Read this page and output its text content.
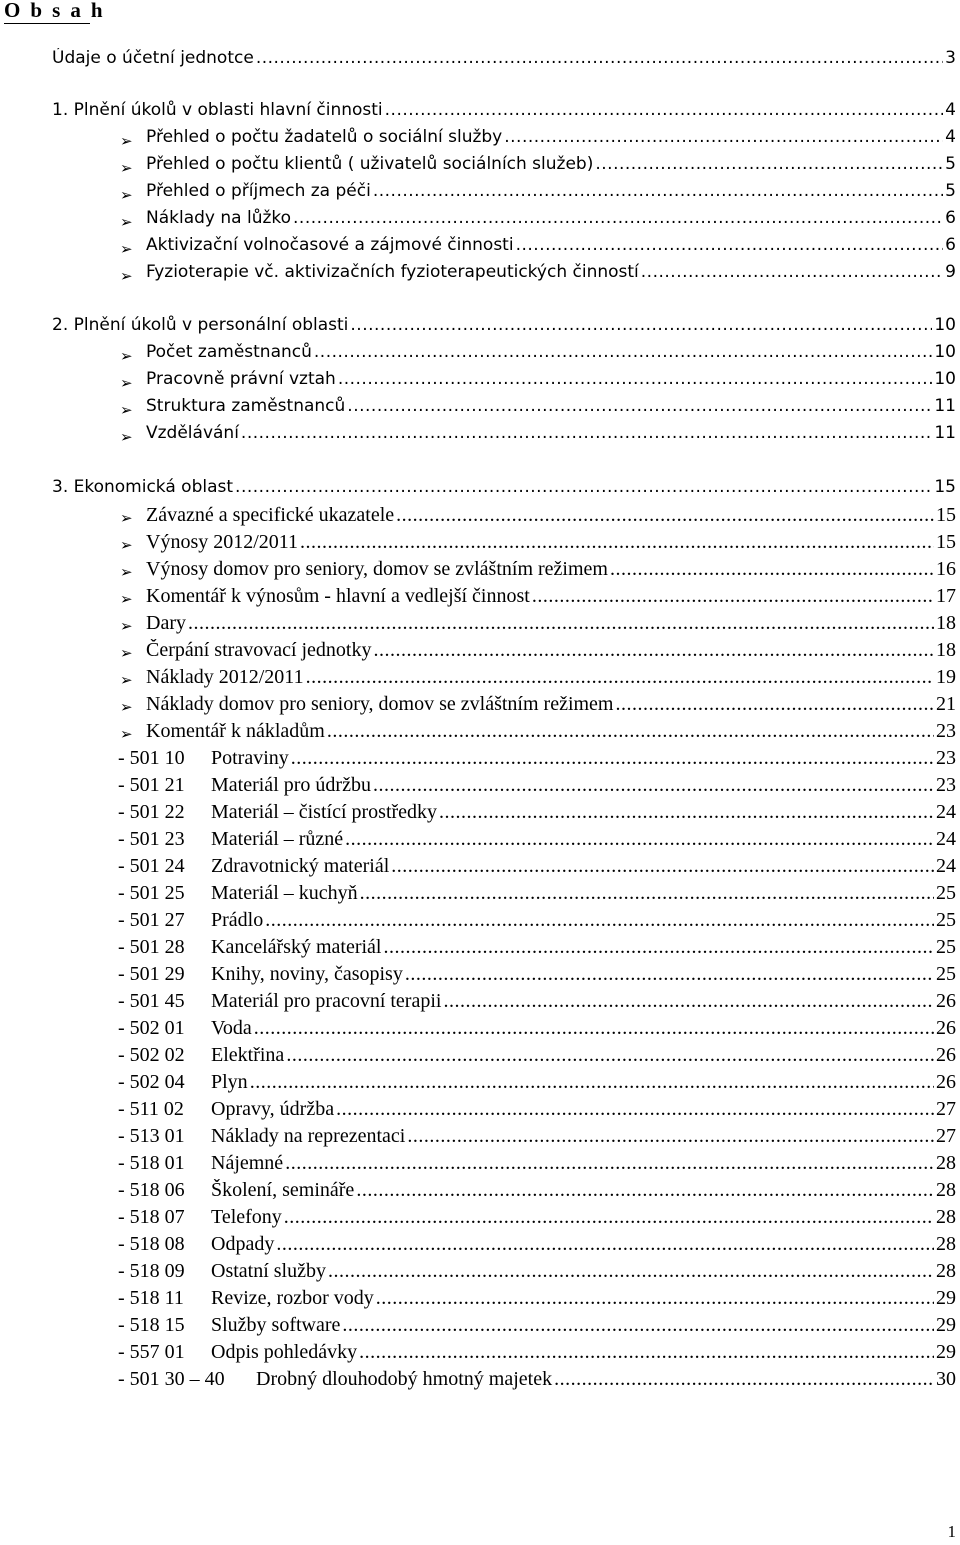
O b s a h
Údaje o účetní jednotce .....	3
1. Plnění úkolů v oblasti hlavní činnosti .....	4
➢ Přehled o počtu žadatelů o sociální služby .....	4
➢ Přehled o počtu klientů ( uživatelů sociálních služeb) .....	5
➢ Přehled o příjmech za péči .....	5
➢ Náklady na lůžko .....	6
➢ Aktivizační volnočasové a zájmové činnosti .....	6
➢ Fyzioterapie vč. aktivizačních fyzioterapeutických činností .....	9
2. Plnění úkolů v personální oblasti .....	10
➢ Počet zaměstnanců .....	10
➢ Pracovně právní vztah .....	10
➢ Struktura zaměstnanců .....	11
➢ Vzdělávání .....	11
3. Ekonomická oblast .....	15
➢ Závazné a specifické ukazatele .....	15
➢ Výnosy 2012/2011 .....	15
➢ Výnosy domov pro seniory, domov se zvláštním režimem .....	16
➢ Komentář k výnosům - hlavní a vedlejší činnost .....	17
➢ Dary .....	18
➢ Čerpání stravovací jednotky .....	18
➢ Náklady 2012/2011 .....	19
➢ Náklady domov pro seniory, domov se zvláštním režimem .....	21
➢ Komentář k nákladům .....	23
- 501 10	Potraviny .....	23
- 501 21	Materiál pro údržbu .....	23
- 501 22	Materiál – čistící prostředky .....	24
- 501 23	Materiál – různé .....	24
- 501 24	Zdravotnický materiál .....	24
- 501 25	Materiál – kuchyň .....	25
- 501 27	Prádlo .....	25
- 501 28	Kancelářský materiál .....	25
- 501 29	Knihy, noviny, časopisy .....	25
- 501 45	Materiál pro pracovní terapii .....	26
- 502 01	Voda .....	26
- 502 02	Elektřina .....	26
- 502 04	Plyn .....	26
- 511 02	Opravy, údržba .....	27
- 513 01	Náklady na reprezentaci .....	27
- 518 01	Nájemné .....	28
- 518 06	Školení, semináře .....	28
- 518 07	Telefony .....	28
- 518 08	Odpady .....	28
- 518 09	Ostatní služby .....	28
- 518 11	Revize, rozbor vody .....	29
- 518 15	Služby software .....	29
- 557 01	Odpis pohledávky .....	29
- 501 30 – 40	Drobný dlouhodobý hmotný majetek .....	30
1
